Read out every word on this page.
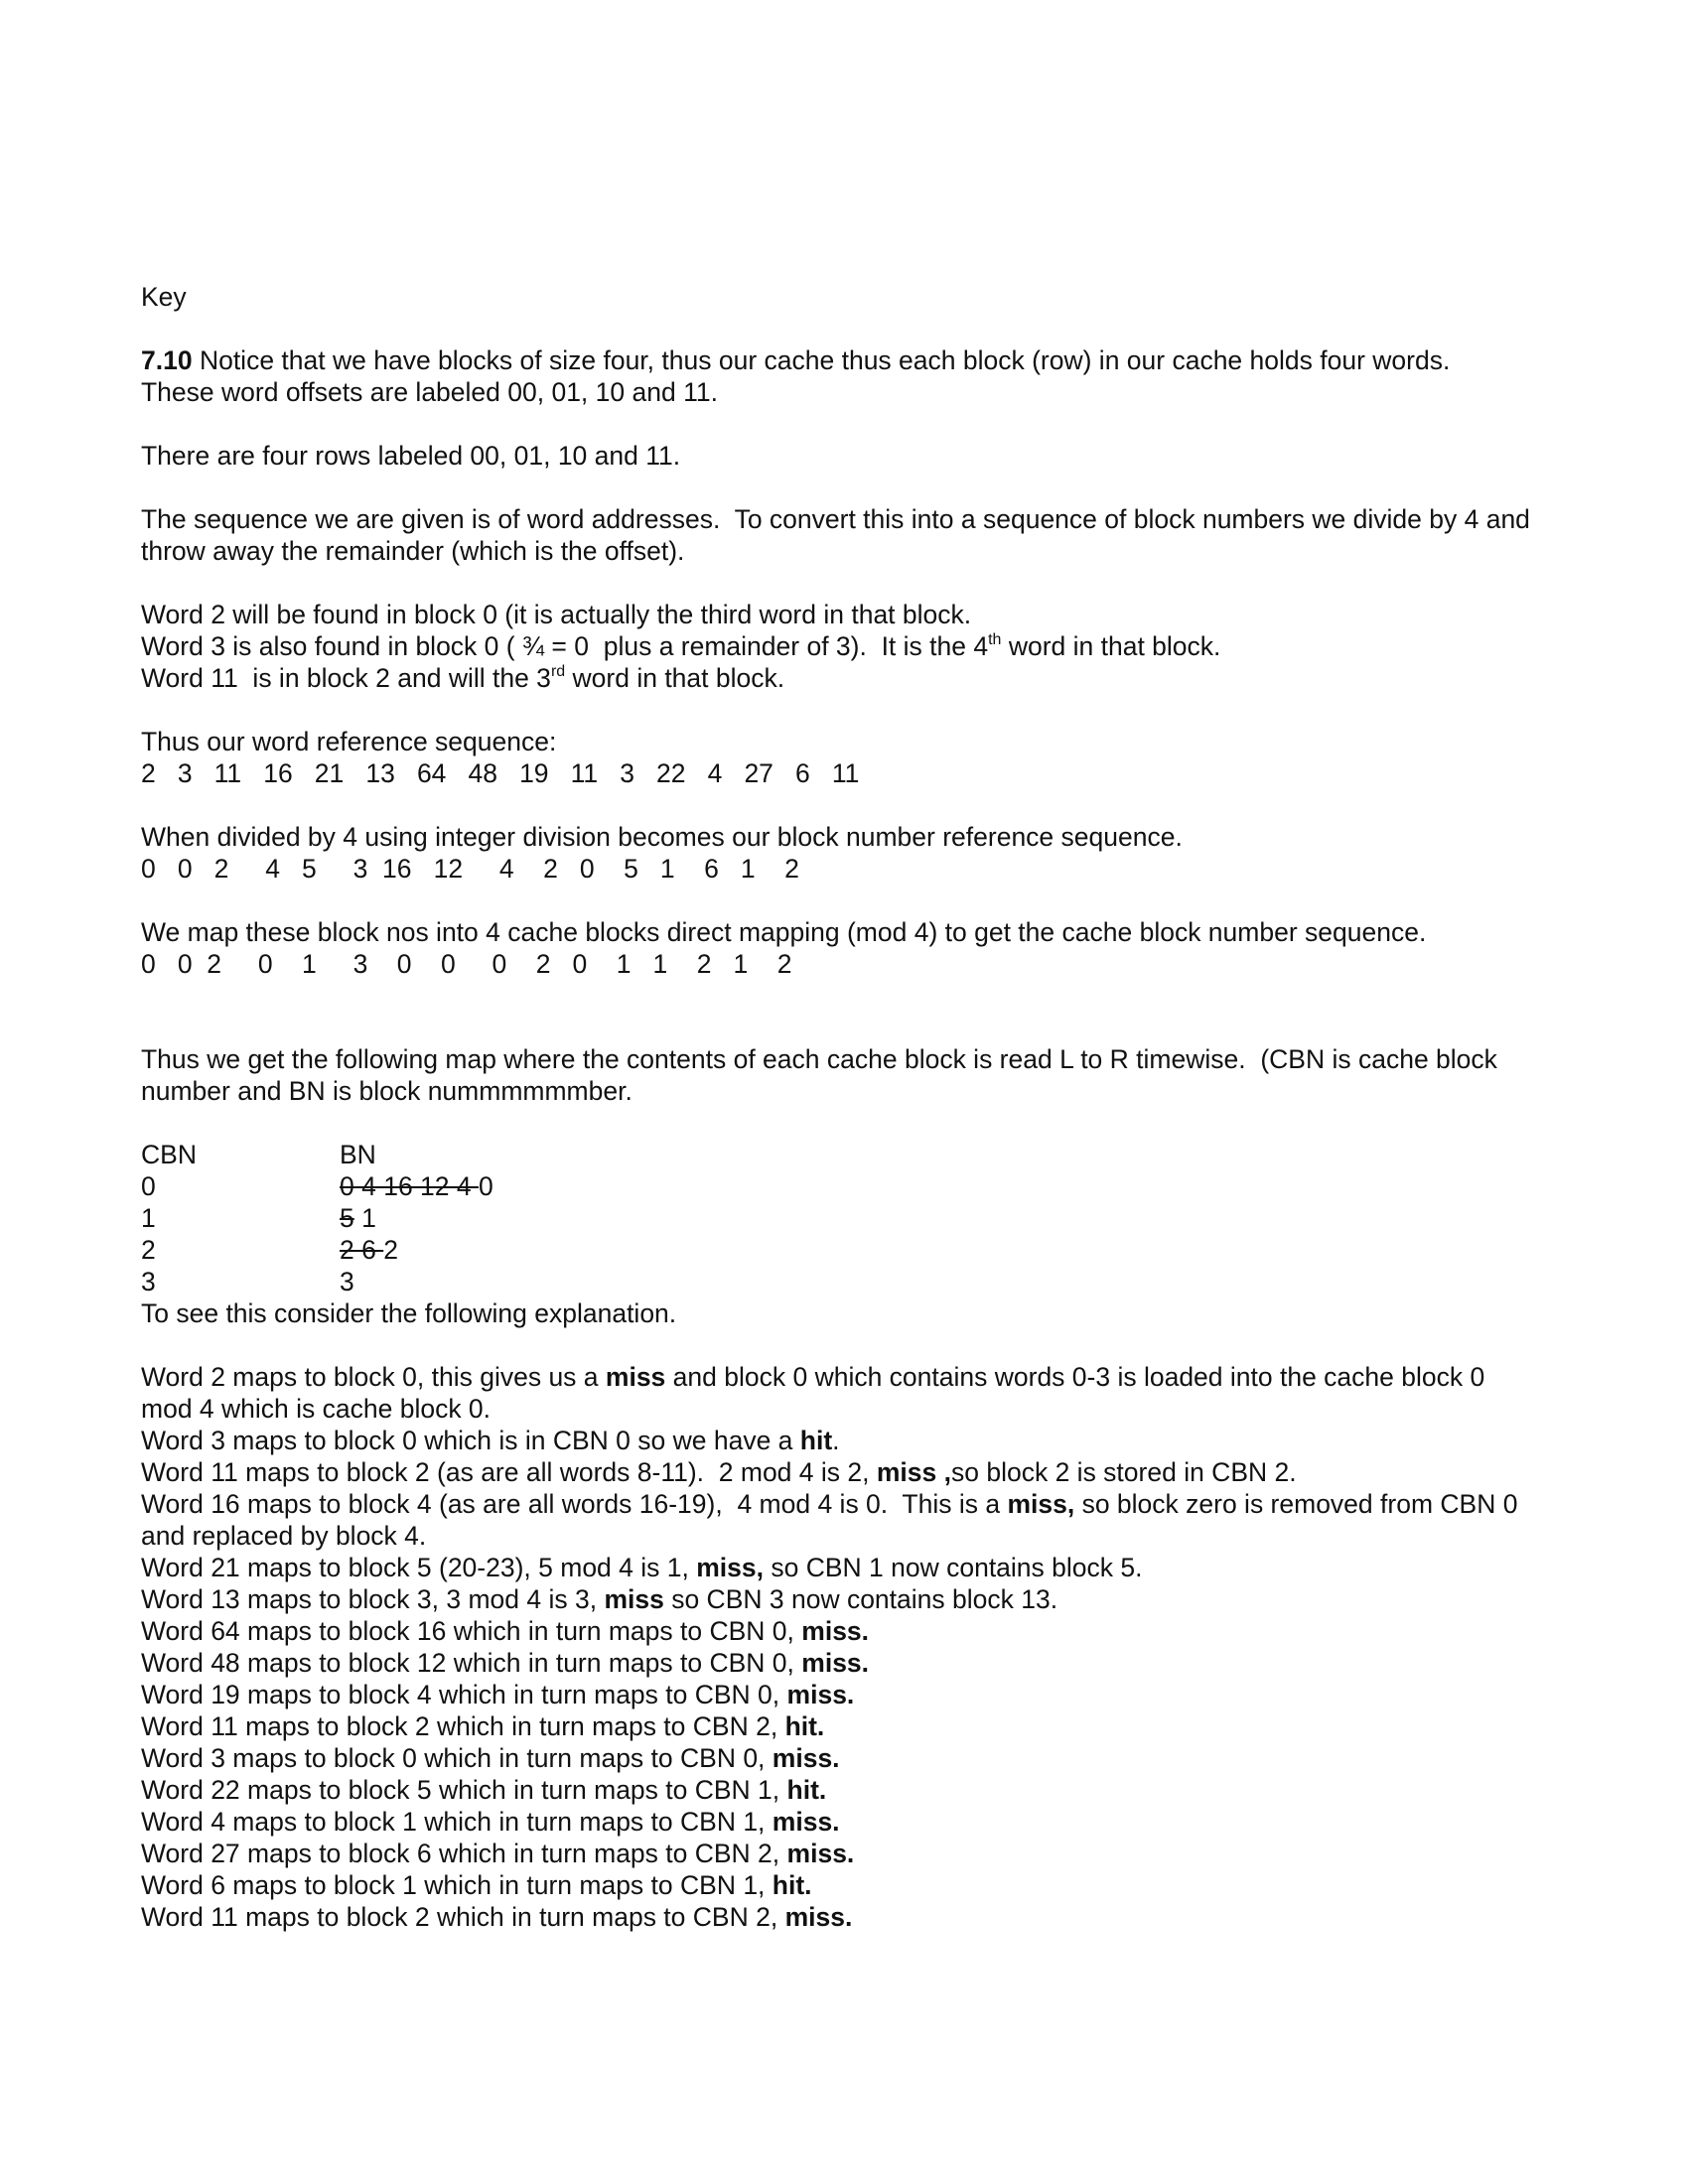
Key

7.10 Notice that we have blocks of size four, thus our cache thus each block (row) in our cache holds four words.  These word offsets are labeled 00, 01, 10 and 11.

There are four rows labeled 00, 01, 10 and 11.

The sequence we are given is of word addresses.  To convert this into a sequence of block numbers we divide by 4 and throw away the remainder (which is the offset).

Word 2 will be found in block 0 (it is actually the third word in that block.

Word 3 is also found in block 0 ( ¾ = 0  plus a remainder of 3).  It is the 4th word in that block.

Word 11  is in block 2 and will the 3rd word in that block.

Thus our word reference sequence:

2   3   11   16   21   13   64   48   19   11   3   22   4   27   6   11

When divided by 4 using integer division becomes our block number reference sequence.

0   0   2     4   5     3  16   12     4    2   0    5   1    6   1    2

We map these block nos into 4 cache blocks direct mapping (mod 4) to get the cache block number sequence.

0   0  2     0    1     3    0    0     0    2   0    1   1    2   1    2

Thus we get the following map where the contents of each cache block is read L to R timewise.  (CBN is cache block number and BN is block nummmmmmber.

CBN	BN
0	0 4 16 12 4 0
1	5 1
2	2 6 2
3	3

To see this consider the following explanation.

Word 2 maps to block 0, this gives us a miss and block 0 which contains words 0-3 is loaded into the cache block 0 mod 4 which is cache block 0.

Word 3 maps to block 0 which is in CBN 0 so we have a hit.

Word 11 maps to block 2 (as are all words 8-11).  2 mod 4 is 2, miss ,so block 2 is stored in CBN 2.

Word 16 maps to block 4 (as are all words 16-19),  4 mod 4 is 0.  This is a miss, so block zero is removed from CBN 0 and replaced by block 4.

Word 21 maps to block 5 (20-23), 5 mod 4 is 1, miss, so CBN 1 now contains block 5.

Word 13 maps to block 3, 3 mod 4 is 3, miss so CBN 3 now contains block 13.

Word 64 maps to block 16 which in turn maps to CBN 0, miss.

Word 48 maps to block 12 which in turn maps to CBN 0, miss.

Word 19 maps to block 4 which in turn maps to CBN 0, miss.

Word 11 maps to block 2 which in turn maps to CBN 2, hit.

Word 3 maps to block 0 which in turn maps to CBN 0, miss.

Word 22 maps to block 5 which in turn maps to CBN 1, hit.

Word 4 maps to block 1 which in turn maps to CBN 1, miss.

Word 27 maps to block 6 which in turn maps to CBN 2, miss.

Word 6 maps to block 1 which in turn maps to CBN 1, hit.

Word 11 maps to block 2 which in turn maps to CBN 2, miss.
